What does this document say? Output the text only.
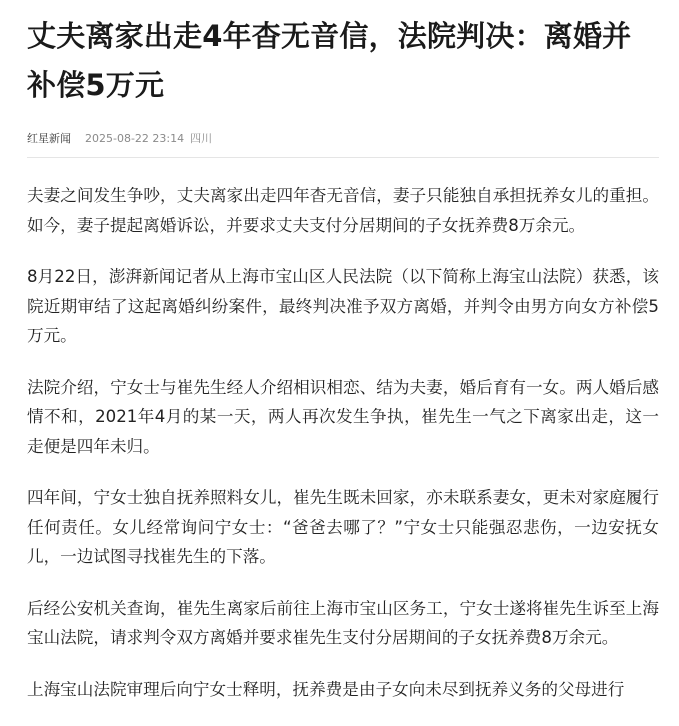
丈夫离家出走4年杳无音信，法院判决：离婚并补偿5万元
红星新闻 2025-08-22 23:14 四川

夫妻之间发生争吵，丈夫离家出走四年杳无音信，妻子只能独自承担抚养女儿的重担。如今，妻子提起离婚诉讼，并要求丈夫支付分居期间的子女抚养费8万余元。

8月22日，澎湃新闻记者从上海市宝山区人民法院（以下简称上海宝山法院）获悉，该院近期审结了这起离婚纠纷案件，最终判决准予双方离婚，并判令由男方向女方补偿5万元。

法院介绍，宁女士与崔先生经人介绍相识相恋、结为夫妻，婚后育有一女。两人婚后感情不和，2021年4月的某一天，两人再次发生争执，崔先生一气之下离家出走，这一走便是四年未归。

四年间，宁女士独自抚养照料女儿，崔先生既未回家，亦未联系妻女，更未对家庭履行任何责任。女儿经常询问宁女士：“爸爸去哪了？”宁女士只能强忍悲伤，一边安抚女儿，一边试图寻找崔先生的下落。

后经公安机关查询，崔先生离家后前往上海市宝山区务工，宁女士遂将崔先生诉至上海宝山法院，请求判令双方离婚并要求崔先生支付分居期间的子女抚养费8万余元。

上海宝山法院审理后向宁女士释明，抚养费是由子女向未尽到抚养义务的父母进行
